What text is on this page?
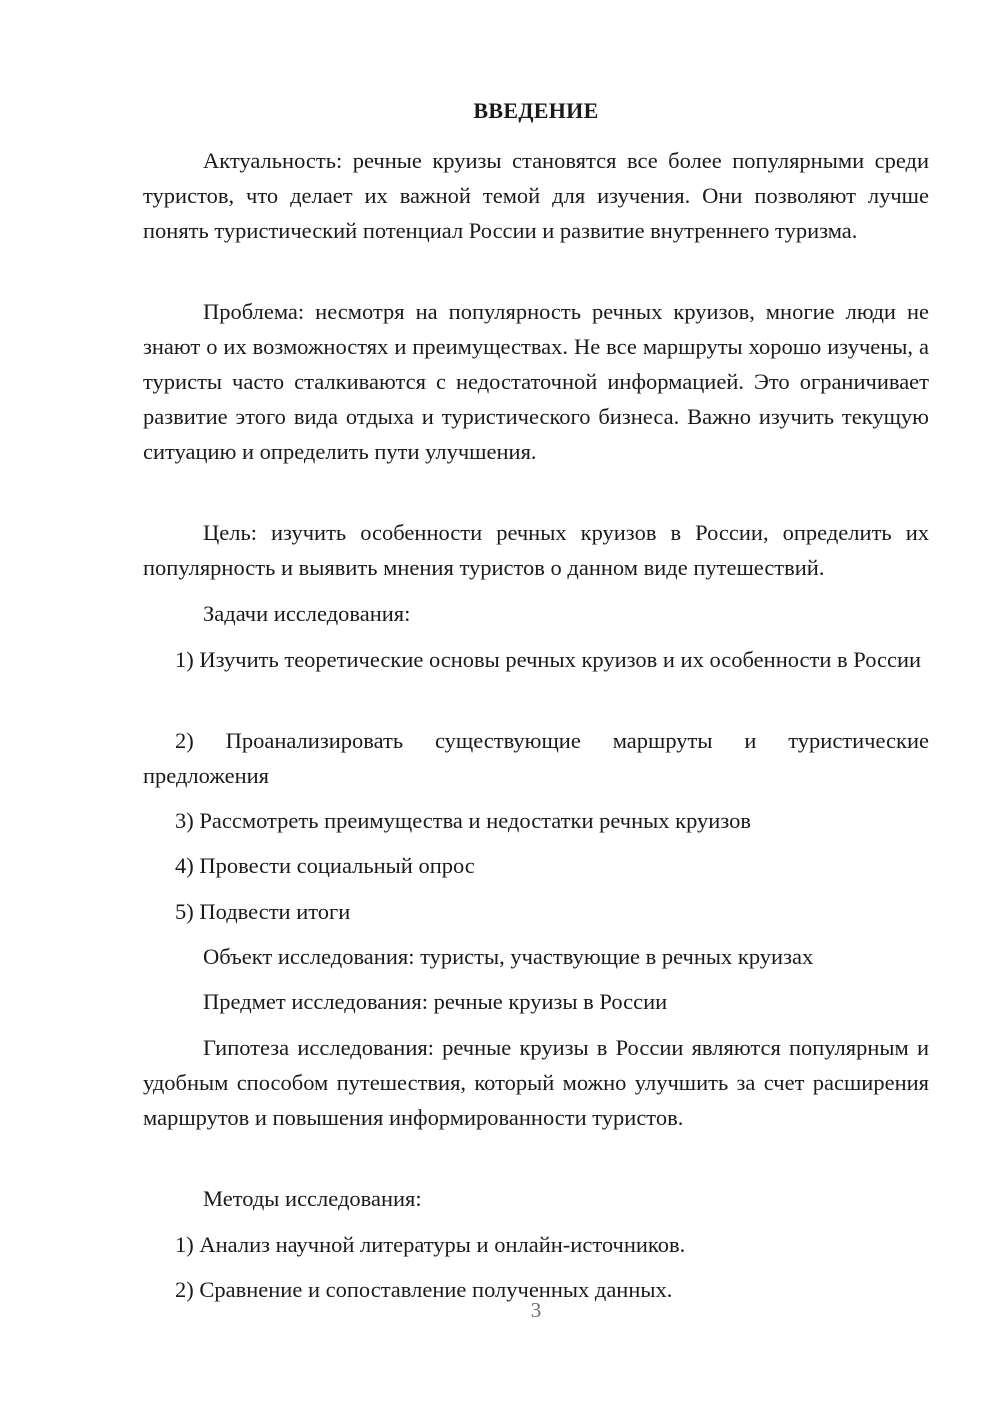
ВВЕДЕНИЕ

Актуальность: речные круизы становятся все более популярными среди туристов, что делает их важной темой для изучения. Они позволяют лучше понять туристический потенциал России и развитие внутреннего туризма.

Проблема: несмотря на популярность речных круизов, многие люди не знают о их возможностях и преимуществах. Не все маршруты хорошо изучены, а туристы часто сталкиваются с недостаточной информацией. Это ограничивает развитие этого вида отдыха и туристического бизнеса. Важно изучить текущую ситуацию и определить пути улучшения.

Цель: изучить особенности речных круизов в России, определить их популярность и выявить мнения туристов о данном виде путешествий.

Задачи исследования:

1) Изучить теоретические основы речных круизов и их особенности в России

2) Проанализировать существующие маршруты и туристические предложения

3) Рассмотреть преимущества и недостатки речных круизов

4) Провести социальный опрос

5) Подвести итоги

Объект исследования: туристы, участвующие в речных круизах

Предмет исследования: речные круизы в России

Гипотеза исследования: речные круизы в России являются популярным и удобным способом путешествия, который можно улучшить за счет расширения маршрутов и повышения информированности туристов.

Методы исследования:

1) Анализ научной литературы и онлайн-источников.

2) Сравнение и сопоставление полученных данных.

3
